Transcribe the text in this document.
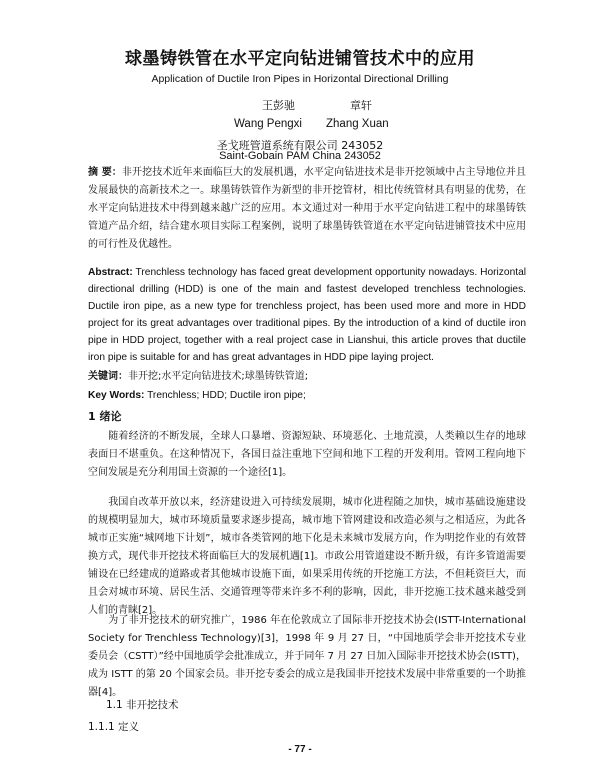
球墨铸铁管在水平定向钻进铺管技术中的应用
Application of Ductile Iron Pipes in Horizontal Directional Drilling
王彭驰	章轩
Wang Pengxi Zhang Xuan
圣戈班管道系统有限公司 243052
Saint-Gobain PAM China 243052
摘 要：非开挖技术近年来面临巨大的发展机遇，水平定向钻进技术是非开挖领域中占主导地位并且发展最快的高新技术之一。球墨铸铁管作为新型的非开挖管材，相比传统管材具有明显的优势，在水平定向钻进技术中得到越来越广泛的应用。本文通过对一种用于水平定向钻进工程中的球墨铸铁管道产品介绍，结合建水项目实际工程案例，说明了球墨铸铁管道在水平定向钻进铺管技术中应用的可行性及优越性。
Abstract: Trenchless technology has faced great development opportunity nowadays. Horizontal directional drilling (HDD) is one of the main and fastest developed trenchless technologies. Ductile iron pipe, as a new type for trenchless project, has been used more and more in HDD project for its great advantages over traditional pipes. By the introduction of a kind of ductile iron pipe in HDD project, together with a real project case in Lianshui, this article proves that ductile iron pipe is suitable for and has great advantages in HDD pipe laying project.
关键词：非开挖;水平定向钻进技术;球墨铸铁管道;
Key Words: Trenchless; HDD; Ductile iron pipe;
1 绪论
随着经济的不断发展，全球人口暴增、资源短缺、环境恶化、土地荒漠，人类赖以生存的地球表面日不堪重负。在这种情况下，各国日益注重地下空间和地下工程的开发利用。管网工程向地下空间发展是充分利用国土资源的一个途径[1]。
我国自改革开放以来，经济建设进入可持续发展期，城市化进程随之加快，城市基础设施建设的规模明显加大，城市环境质量要求逐步提高，城市地下管网建设和改造必须与之相适应，为此各城市正实施“城网地下计划”，城市各类管网的地下化是未来城市发展方向，作为明挖作业的有效替换方式，现代非开挖技术将面临巨大的发展机遇[1]。市政公用管道建设不断升级，有许多管道需要铺设在已经建成的道路或者其他城市设施下面，如果采用传统的开挖施工方法，不但耗资巨大，而且会对城市环境、居民生活、交通管理等带来许多不利的影响，因此，非开挖施工技术越来越受到人们的青睐[2]。
为了非开挖技术的研究推广，1986 年在伦敦成立了国际非开挖技术协会(ISTT-International Society for Trenchless Technology)[3]，1998 年 9 月 27 日，“中国地质学会非开挖技术专业委员会（CSTT）”经中国地质学会批准成立，并于同年 7 月 27 日加入国际非开挖技术协会(ISTT)，成为 ISTT 的第 20 个国家会员。非开挖专委会的成立是我国非开挖技术发展中非常重要的一个助推器[4]。
1.1 非开挖技术
1.1.1 定义
- 77 -
